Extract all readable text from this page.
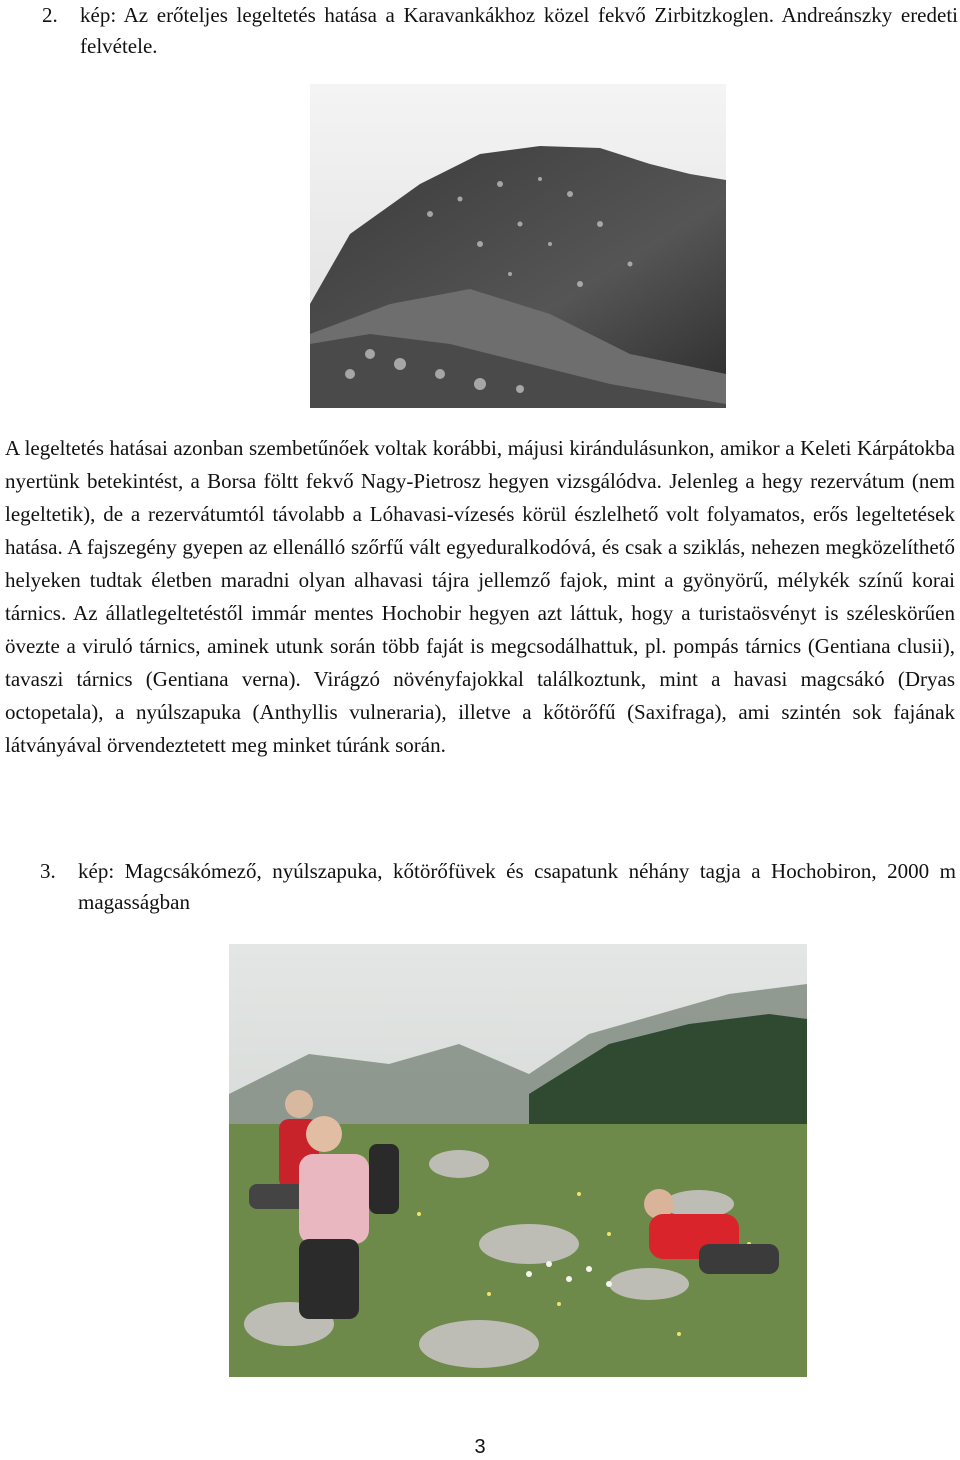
2. kép: Az erőteljes legeltetés hatása a Karavankákhoz közel fekvő Zirbitzkoglen. Andreánszky eredeti felvétele.

A legeltetés hatásai azonban szembetűnőek voltak korábbi, májusi kirándulásunkon, amikor a Keleti Kárpátokba nyertünk betekintést, a Borsa föltt fekvő Nagy-Pietrosz hegyen vizsgálódva. Jelenleg a hegy rezervátum (nem legeltetik), de a rezervátumtól távolabb a Lóhavasi-vízesés körül észlelhető volt folyamatos, erős legeltetések hatása. A fajszegény gyepen az ellenálló szőrfű vált egyeduralkodóvá, és csak a sziklás, nehezen megközelíthető helyeken tudtak életben maradni olyan alhavasi tájra jellemző fajok, mint a gyönyörű, mélykék színű korai tárnics. Az állatlegeltetéstől immár mentes Hochobir hegyen azt láttuk, hogy a turistaösvényt is széleskörűen övezte a viruló tárnics, aminek utunk során több faját is megcsodálhattuk, pl. pompás tárnics (Gentiana clusii), tavaszi tárnics (Gentiana verna). Virágzó növényfajokkal találkoztunk, mint a havasi magcsákó (Dryas octopetala), a nyúlszapuka (Anthyllis vulneraria), illetve a kőtörőfű (Saxifraga), ami szintén sok fajának látványával örvendeztetett meg minket túránk során.

3. kép: Magcsákómező, nyúlszapuka, kőtörőfüvek és csapatunk néhány tagja a Hochobiron, 2000 m magasságban
3
